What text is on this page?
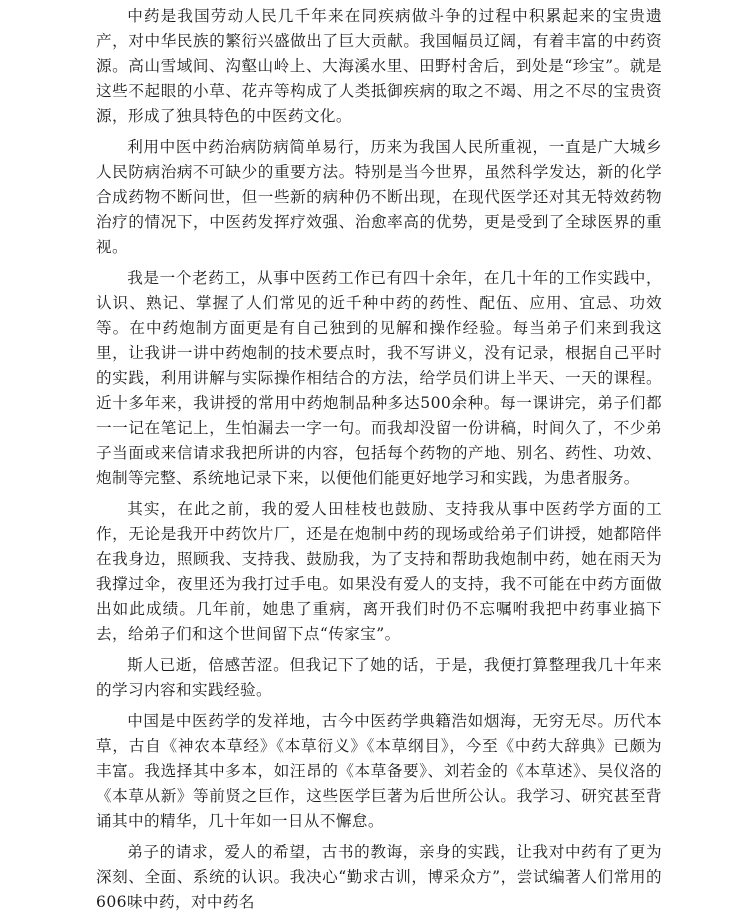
中药是我国劳动人民几千年来在同疾病做斗争的过程中积累起来的宝贵遗产，对中华民族的繁衍兴盛做出了巨大贡献。我国幅员辽阔，有着丰富的中药资源。高山雪域间、沟壑山岭上、大海溪水里、田野村舍后，到处是“珍宝”。就是这些不起眼的小草、花卉等构成了人类抵御疾病的取之不竭、用之不尽的宝贵资源，形成了独具特色的中医药文化。

利用中医中药治病防病简单易行，历来为我国人民所重视，一直是广大城乡人民防病治病不可缺少的重要方法。特别是当今世界，虽然科学发达，新的化学合成药物不断问世，但一些新的病种仍不断出现，在现代医学还对其无特效药物治疗的情况下，中医药发挥疗效强、治愈率高的优势，更是受到了全球医界的重视。

我是一个老药工，从事中医药工作已有四十余年，在几十年的工作实践中，认识、熟记、掌握了人们常见的近千种中药的药性、配伍、应用、宜忌、功效等。在中药炮制方面更是有自己独到的见解和操作经验。每当弟子们来到我这里，让我讲一讲中药炮制的技术要点时，我不写讲义，没有记录，根据自己平时的实践，利用讲解与实际操作相结合的方法，给学员们讲上半天、一天的课程。近十多年来，我讲授的常用中药炮制品种多达500余种。每一课讲完，弟子们都一一记在笔记上，生怕漏去一字一句。而我却没留一份讲稿，时间久了，不少弟子当面或来信请求我把所讲的内容，包括每个药物的产地、别名、药性、功效、炮制等完整、系统地记录下来，以便他们能更好地学习和实践，为患者服务。

其实，在此之前，我的爱人田桂枝也鼓励、支持我从事中医药学方面的工作，无论是我开中药饮片厂，还是在炮制中药的现场或给弟子们讲授，她都陪伴在我身边，照顾我、支持我、鼓励我，为了支持和帮助我炮制中药，她在雨天为我撑过伞，夜里还为我打过手电。如果没有爱人的支持，我不可能在中药方面做出如此成绩。几年前，她患了重病，离开我们时仍不忘嘱咐我把中药事业搞下去，给弟子们和这个世间留下点“传家宝”。

斯人已逝，倍感苦涩。但我记下了她的话，于是，我便打算整理我几十年来的学习内容和实践经验。

中国是中医药学的发祥地，古今中医药学典籍浩如烟海，无穷无尽。历代本草，古自《神农本草经》《本草衍义》《本草纲目》，今至《中药大辞典》已颇为丰富。我选择其中多本，如汪昂的《本草备要》、刘若金的《本草述》、吴仪洛的《本草从新》等前贤之巨作，这些医学巨著为后世所公认。我学习、研究甚至背诵其中的精华，几十年如一日从不懈怠。

弟子的请求，爱人的希望，古书的教诲，亲身的实践，让我对中药有了更为深刻、全面、系统的认识。我决心“勤求古训，博采众方”，尝试编著人们常用的606味中药，对中药名
